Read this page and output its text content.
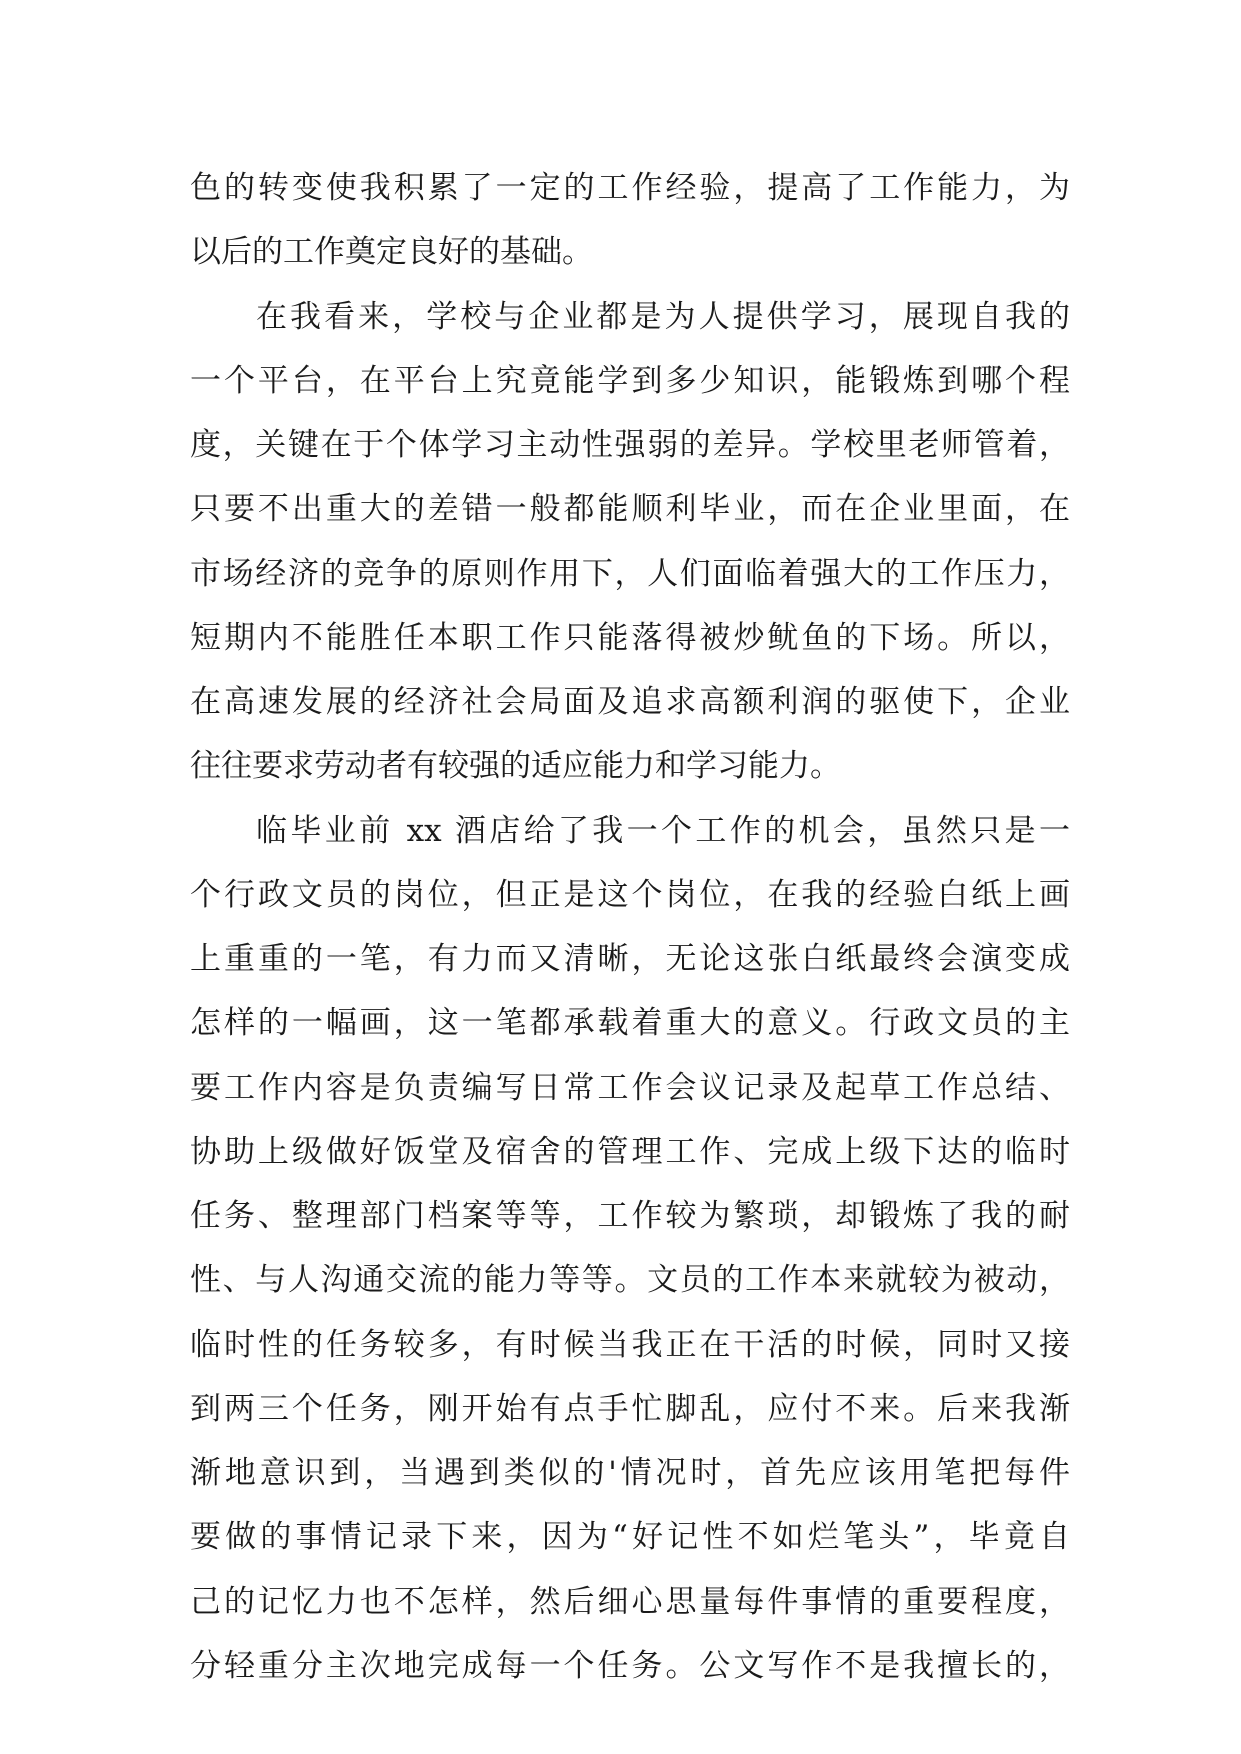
色的转变使我积累了一定的工作经验，提高了工作能力，为
以后的工作奠定良好的基础。
在我看来，学校与企业都是为人提供学习，展现自我的
一个平台，在平台上究竟能学到多少知识，能锻炼到哪个程
度，关键在于个体学习主动性强弱的差异。学校里老师管着，
只要不出重大的差错一般都能顺利毕业，而在企业里面，在
市场经济的竞争的原则作用下，人们面临着强大的工作压力，
短期内不能胜任本职工作只能落得被炒鱿鱼的下场。所以，
在高速发展的经济社会局面及追求高额利润的驱使下，企业
往往要求劳动者有较强的适应能力和学习能力。
临毕业前 xx 酒店给了我一个工作的机会，虽然只是一
个行政文员的岗位，但正是这个岗位，在我的经验白纸上画
上重重的一笔，有力而又清晰，无论这张白纸最终会演变成
怎样的一幅画，这一笔都承载着重大的意义。行政文员的主
要工作内容是负责编写日常工作会议记录及起草工作总结、
协助上级做好饭堂及宿舍的管理工作、完成上级下达的临时
任务、整理部门档案等等，工作较为繁琐，却锻炼了我的耐
性、与人沟通交流的能力等等。文员的工作本来就较为被动，
临时性的任务较多，有时候当我正在干活的时候，同时又接
到两三个任务，刚开始有点手忙脚乱，应付不来。后来我渐
渐地意识到，当遇到类似的'情况时，首先应该用笔把每件
要做的事情记录下来，因为“好记性不如烂笔头”，毕竟自
己的记忆力也不怎样，然后细心思量每件事情的重要程度，
分轻重分主次地完成每一个任务。公文写作不是我擅长的，
